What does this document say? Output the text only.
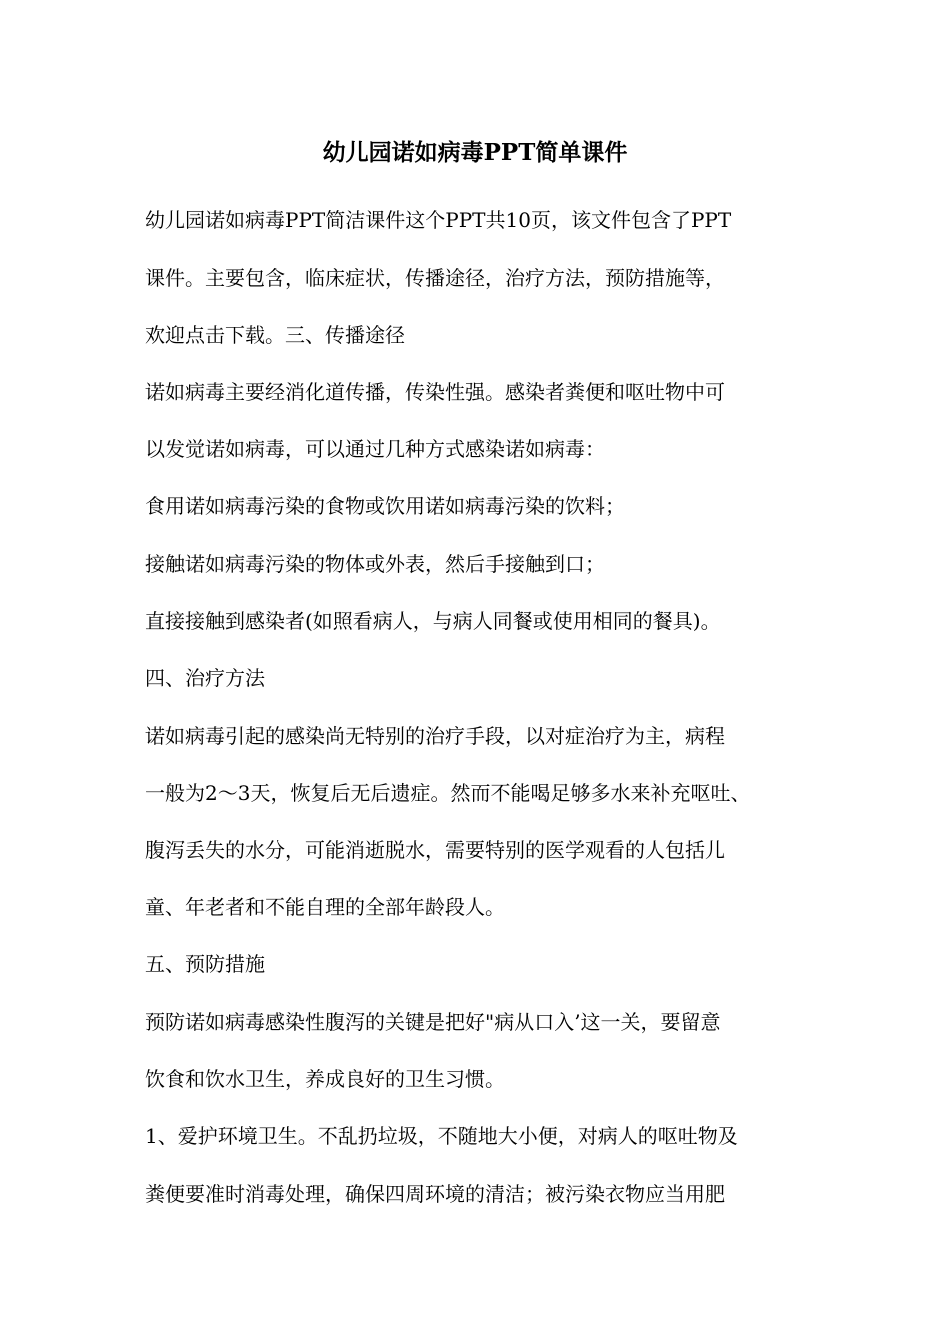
幼儿园诺如病毒PPT简单课件
幼儿园诺如病毒PPT简洁课件这个PPT共10页，该文件包含了PPT
课件。主要包含，临床症状，传播途径，治疗方法，预防措施等，
欢迎点击下载。三、传播途径
诺如病毒主要经消化道传播，传染性强。感染者粪便和呕吐物中可
以发觉诺如病毒，可以通过几种方式感染诺如病毒：
食用诺如病毒污染的食物或饮用诺如病毒污染的饮料；
接触诺如病毒污染的物体或外表，然后手接触到口；
直接接触到感染者(如照看病人，与病人同餐或使用相同的餐具)。
四、治疗方法
诺如病毒引起的感染尚无特别的治疗手段，以对症治疗为主，病程
一般为2～3天，恢复后无后遗症。然而不能喝足够多水来补充呕吐、
腹泻丢失的水分，可能消逝脱水，需要特别的医学观看的人包括儿
童、年老者和不能自理的全部年龄段人。
五、预防措施
预防诺如病毒感染性腹泻的关键是把好"病从口入’这一关，要留意
饮食和饮水卫生，养成良好的卫生习惯。
1、爱护环境卫生。不乱扔垃圾，不随地大小便，对病人的呕吐物及
粪便要准时消毒处理，确保四周环境的清洁；被污染衣物应当用肥
